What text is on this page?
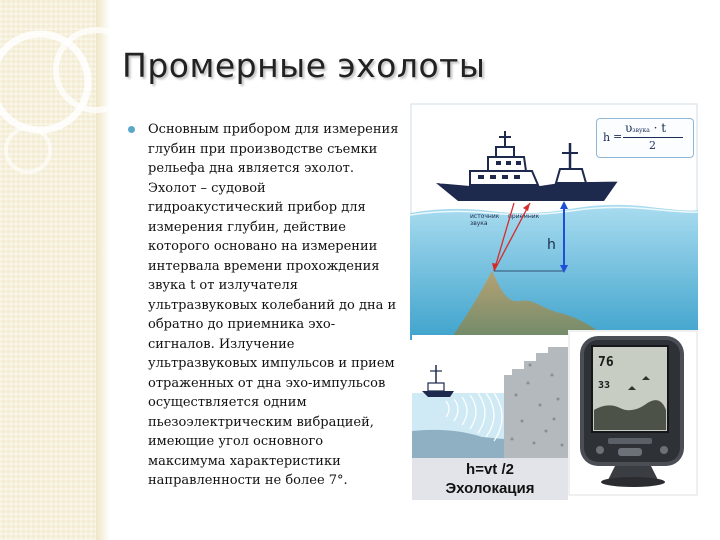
Промерные эхолоты

Основным прибором для измерения глубин при производстве съемки рельефа дна является эхолот. Эхолот – судовой гидроакустический прибор для измерения глубин, действие которого основано на измерении интервала времени прохождения звука t от излучателя ультразвуковых колебаний до дна и обратно до приемника эхо-сигналов. Излучение ультразвуковых импульсов и прием отраженных от дна эхо-импульсов осуществляется одним пьезоэлектрическим вибрацией, имеющие угол основного максимума характеристики направленности не более 7°.

источник
звука
приемник
h
h =
υзвука · t
2
h=vt /2
Эхолокация
76
33
